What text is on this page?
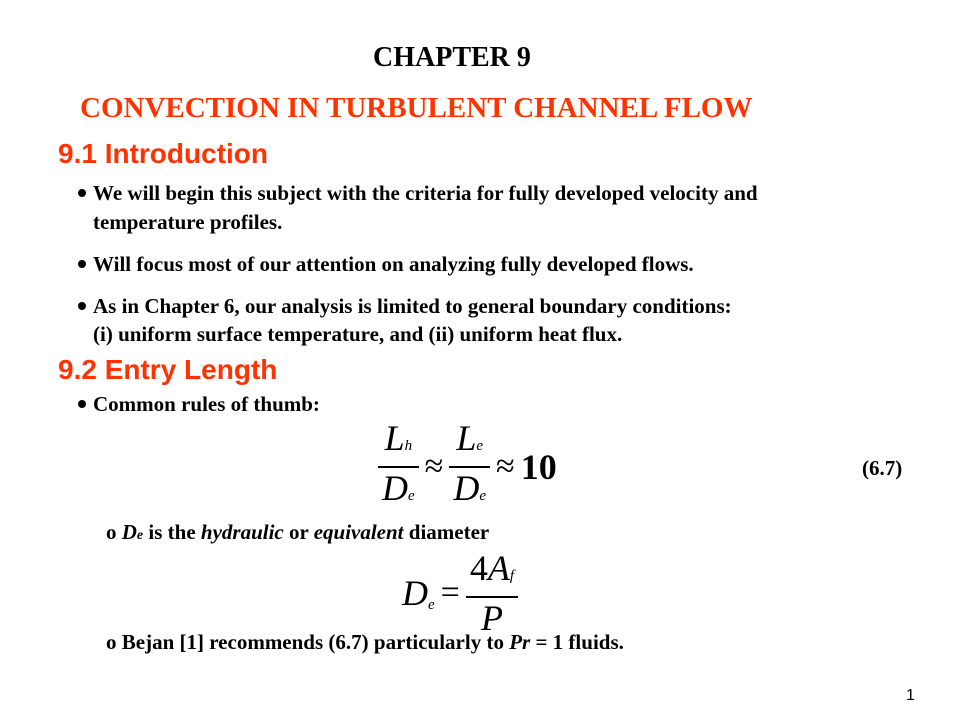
CHAPTER 9
CONVECTION IN TURBULENT CHANNEL FLOW
9.1 Introduction
We will begin this subject with the criteria for fully developed velocity and
temperature profiles.
Will focus most of our attention on analyzing fully developed flows.
As in Chapter 6, our analysis is limited to general boundary conditions:
(i) uniform surface temperature, and (ii) uniform heat flux.
9.2 Entry Length
Common rules of thumb:
$\frac{Lh}{De} \approx \frac{Le}{De} \approx 10$	(6.7)
o De is the hydraulic or equivalent diameter
$De = \frac{4Af}{P}$
o Bejan [1] recommends (6.7) particularly to Pr = 1 fluids.
1
